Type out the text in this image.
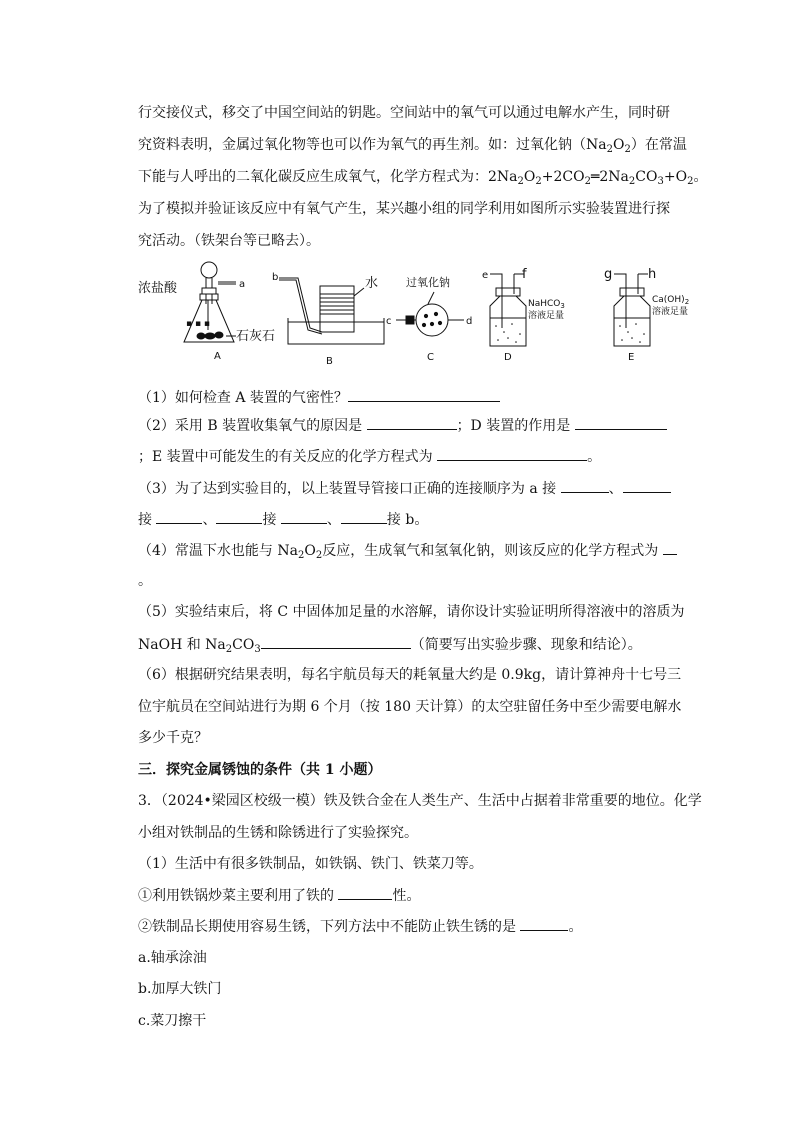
行交接仪式，移交了中国空间站的钥匙。空间站中的氧气可以通过电解水产生，同时研
究资料表明，金属过氧化物等也可以作为氧气的再生剂。如：过氧化钠$(Na_2O_2)$在常温
下能与人呼出的二氧化碳反应生成氧气，化学方程式为：$2Na_2O_2+2CO_2═2Na_2CO_3+O_2$。
为了模拟并验证该反应中有氧气产生，某兴趣小组的同学利用如图所示实验装置进行探
究活动。（铁架台等已略去）。
浓盐酸	a
▪ ▪ ▪
石灰石
A
b	水
B
过氧化钠
c	d
C
e	f
NaHCO$_3$
溶液足量
D
g	h
$Ca(OH)_2$
溶液足量
E
（1）如何检查 A 装置的气密性？
（2）采用 B 装置收集氧气的原因是	；D 装置的作用是
；E 装置中可能发生的有关反应的化学方程式为	。
（3）为了达到实验目的，以上装置导管接口正确的连接顺序为 a 接	、
接	、	接	、	接 b。
（4）常温下水也能与 $Na_2O_2$反应，生成氧气和氢氧化钠，则该反应的化学方程式为
。
（5）实验结束后，将 C 中固体加足量的水溶解，请你设计实验证明所得溶液中的溶质为
NaOH 和 $Na_2CO_3$	（简要写出实验步骤、现象和结论）。
（6）根据研究结果表明，每名宇航员每天的耗氧量大约是 0.9kg，请计算神舟十七号三
位宇航员在空间站进行为期 6 个月（按 180 天计算）的太空驻留任务中至少需要电解水
多少千克？
三．探究金属锈蚀的条件（共 1 小题）
3．（2024•梁园区校级一模）铁及铁合金在人类生产、生活中占据着非常重要的地位。化学
小组对铁制品的生锈和除锈进行了实验探究。
（1）生活中有很多铁制品，如铁锅、铁门、铁菜刀等。
①利用铁锅炒菜主要利用了铁的	性。
②铁制品长期使用容易生锈，下列方法中不能防止铁生锈的是	。
a.轴承涂油
b.加厚大铁门
c.菜刀擦干
